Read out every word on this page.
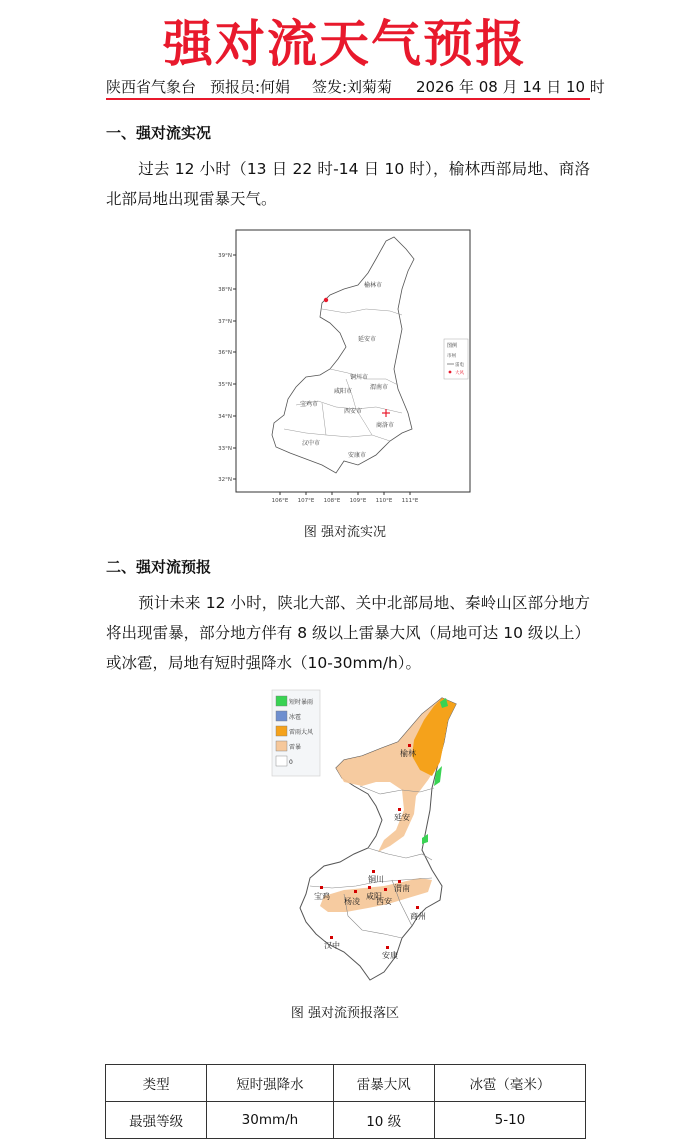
强对流天气预报
陕西省气象台 预报员:何娟 签发:刘菊菊 2026 年 08 月 14 日 10 时
一、强对流实况
过去 12 小时（13 日 22 时-14 日 10 时），榆林西部局地、商洛北部局地出现雷暴天气。
39°N
38°N
37°N
36°N
35°N
34°N
33°N
32°N
106°E 107°E 108°E 109°E 110°E 111°E
榆林市
延安市
铜川市
渭南市
咸阳市
宝鸡市
西安市
商洛市
汉中市
安康市
图例
市州
雷电
大风
图 强对流实况
二、强对流预报
预计未来 12 小时，陕北大部、关中北部局地、秦岭山区部分地方将出现雷暴，部分地方伴有 8 级以上雷暴大风（局地可达 10 级以上）或冰雹，局地有短时强降水（10-30mm/h）。
短时暴雨
冰雹
雷雨大风
雷暴
0
榆林
延安
铜川
渭南
宝鸡
杨凌
咸阳
西安
商州
汉中
安康
图 强对流预报落区
类型	短时强降水	雷暴大风	冰雹（毫米）
最强等级	30mm/h	10 级	5-10
